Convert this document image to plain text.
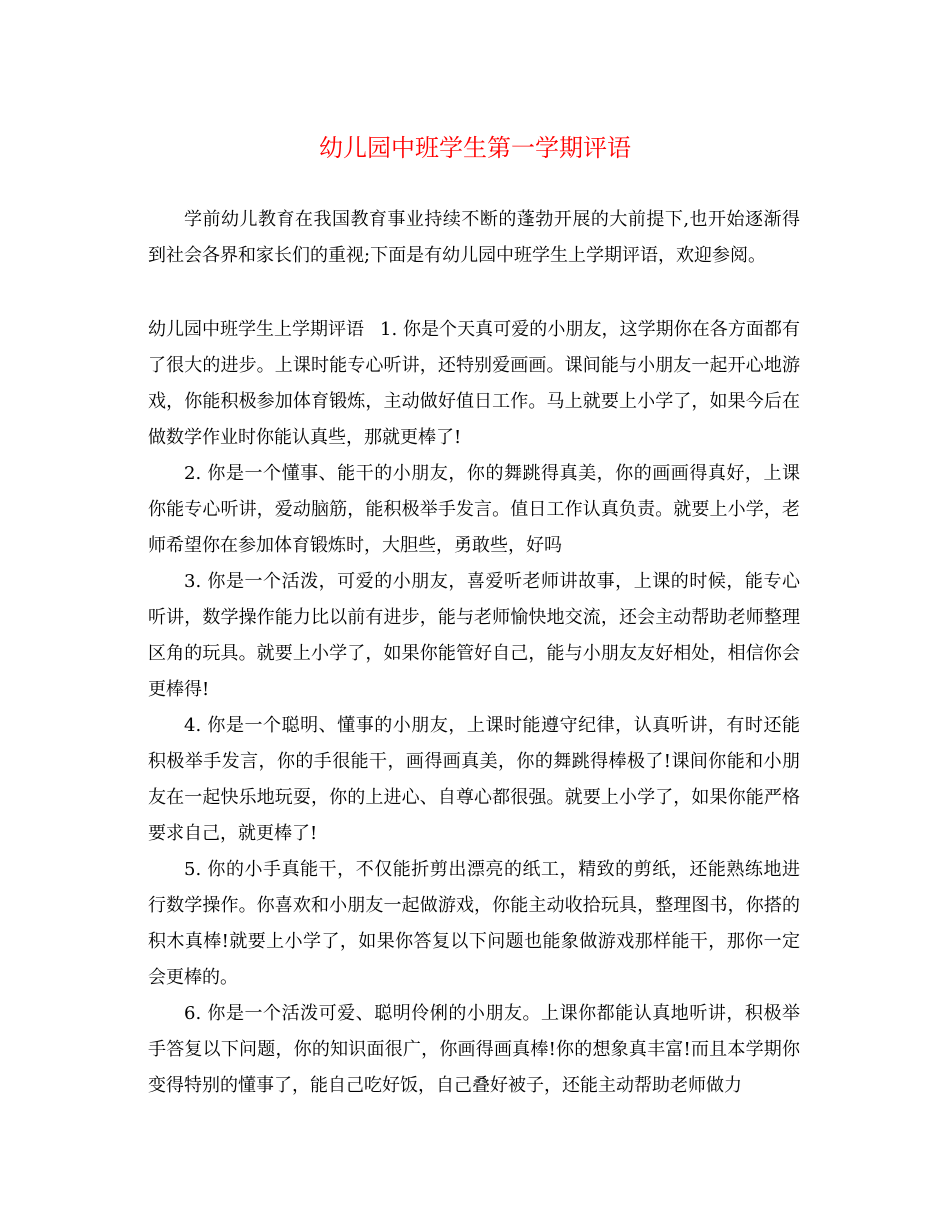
幼儿园中班学生第一学期评语

学前幼儿教育在我国教育事业持续不断的蓬勃开展的大前提下,也开始逐渐得到社会各界和家长们的重视;下面是有幼儿园中班学生上学期评语，欢迎参阅。

幼儿园中班学生上学期评语 1. 你是个天真可爱的小朋友，这学期你在各方面都有了很大的进步。上课时能专心听讲，还特别爱画画。课间能与小朋友一起开心地游戏，你能积极参加体育锻炼，主动做好值日工作。马上就要上小学了，如果今后在做数学作业时你能认真些，那就更棒了!

2. 你是一个懂事、能干的小朋友，你的舞跳得真美，你的画画得真好，上课你能专心听讲，爱动脑筋，能积极举手发言。值日工作认真负责。就要上小学，老师希望你在参加体育锻炼时，大胆些，勇敢些，好吗

3. 你是一个活泼，可爱的小朋友，喜爱听老师讲故事，上课的时候，能专心听讲，数学操作能力比以前有进步，能与老师愉快地交流，还会主动帮助老师整理区角的玩具。就要上小学了，如果你能管好自己，能与小朋友友好相处，相信你会更棒得!

4. 你是一个聪明、懂事的小朋友，上课时能遵守纪律，认真听讲，有时还能积极举手发言，你的手很能干，画得画真美，你的舞跳得棒极了!课间你能和小朋友在一起快乐地玩耍，你的上进心、自尊心都很强。就要上小学了，如果你能严格要求自己，就更棒了!

5. 你的小手真能干，不仅能折剪出漂亮的纸工，精致的剪纸，还能熟练地进行数学操作。你喜欢和小朋友一起做游戏，你能主动收拾玩具，整理图书，你搭的积木真棒!就要上小学了，如果你答复以下问题也能象做游戏那样能干，那你一定会更棒的。

6. 你是一个活泼可爱、聪明伶俐的小朋友。上课你都能认真地听讲，积极举手答复以下问题，你的知识面很广，你画得画真棒!你的想象真丰富!而且本学期你变得特别的懂事了，能自己吃好饭，自己叠好被子，还能主动帮助老师做力
